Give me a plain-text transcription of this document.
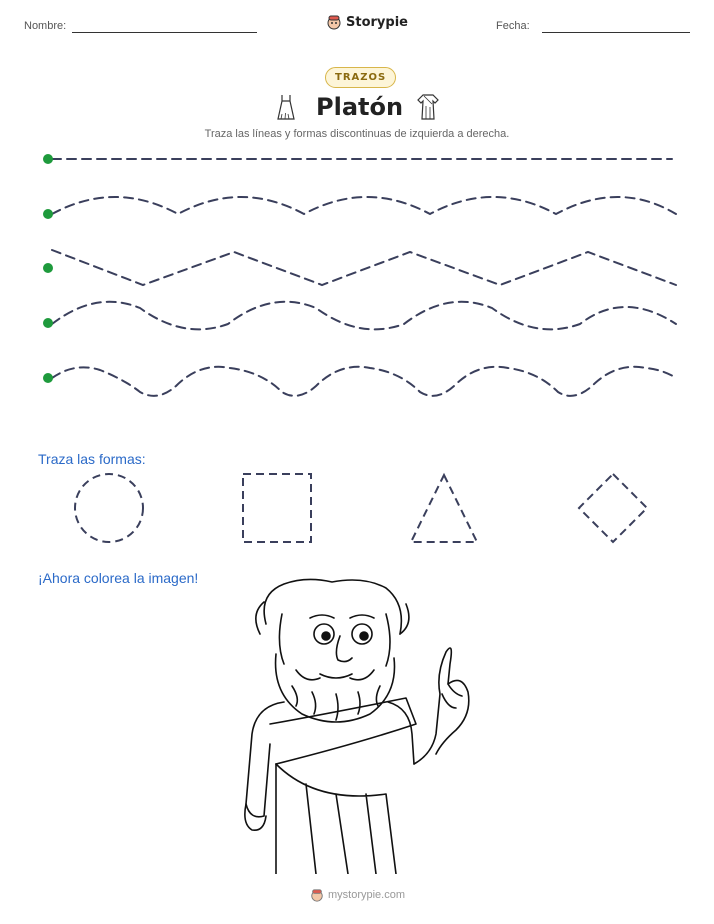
Nombre:	Storypie	Fecha:
TRAZOS
Platón
Traza las líneas y formas discontinuas de izquierda a derecha.
Traza las formas:
¡Ahora colorea la imagen!
mystorypie.com
